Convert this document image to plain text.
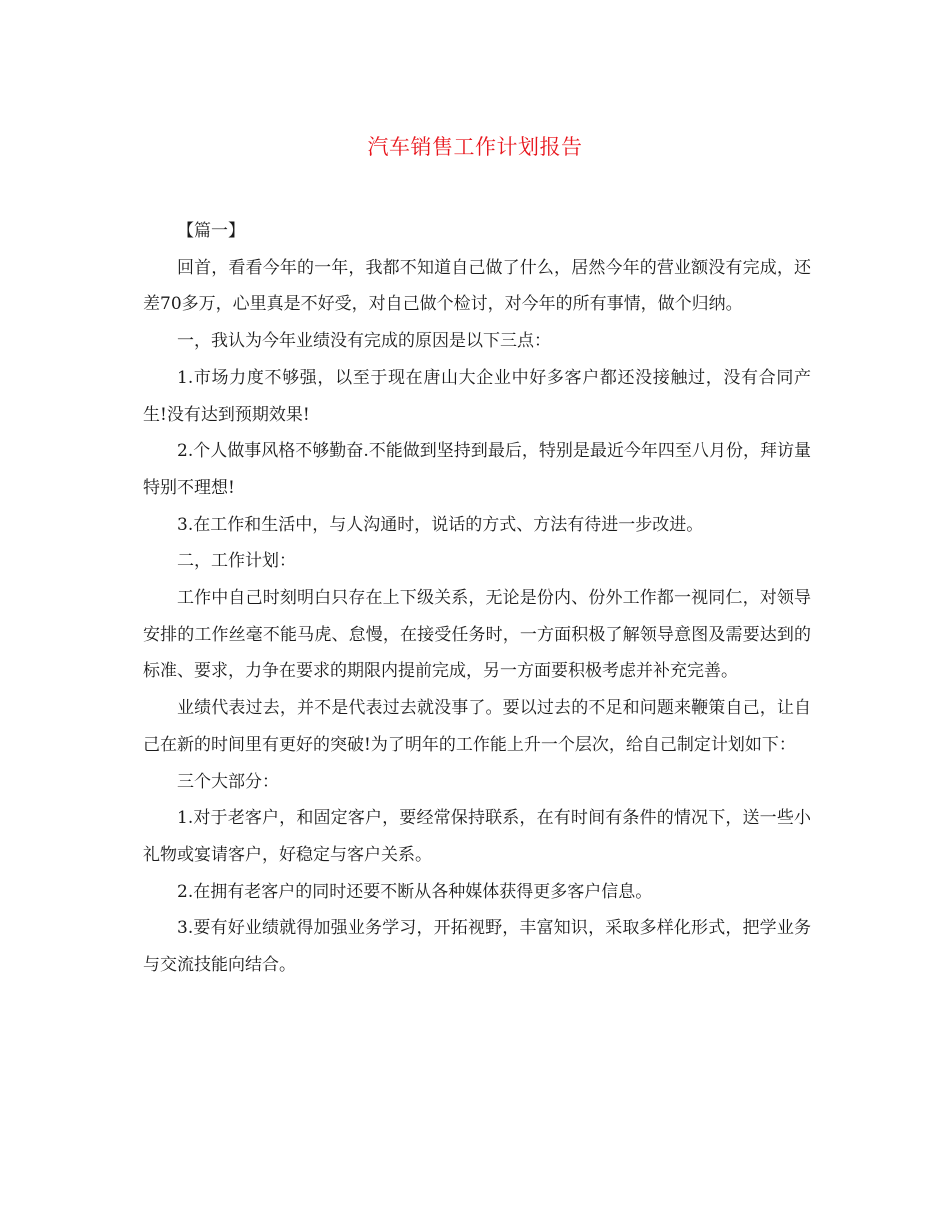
汽车销售工作计划报告

【篇一】

回首，看看今年的一年，我都不知道自己做了什么，居然今年的营业额没有完成，还差70多万，心里真是不好受，对自己做个检讨，对今年的所有事情，做个归纳。

一，我认为今年业绩没有完成的原因是以下三点：

1.市场力度不够强，以至于现在唐山大企业中好多客户都还没接触过，没有合同产生!没有达到预期效果!

2.个人做事风格不够勤奋.不能做到坚持到最后，特别是最近今年四至八月份，拜访量特别不理想!

3.在工作和生活中，与人沟通时，说话的方式、方法有待进一步改进。

二，工作计划：

工作中自己时刻明白只存在上下级关系，无论是份内、份外工作都一视同仁，对领导安排的工作丝毫不能马虎、怠慢，在接受任务时，一方面积极了解领导意图及需要达到的标准、要求，力争在要求的期限内提前完成，另一方面要积极考虑并补充完善。

业绩代表过去，并不是代表过去就没事了。要以过去的不足和问题来鞭策自己，让自己在新的时间里有更好的突破!为了明年的工作能上升一个层次，给自己制定计划如下：

三个大部分：

1.对于老客户，和固定客户，要经常保持联系，在有时间有条件的情况下，送一些小礼物或宴请客户，好稳定与客户关系。

2.在拥有老客户的同时还要不断从各种媒体获得更多客户信息。

3.要有好业绩就得加强业务学习，开拓视野，丰富知识，采取多样化形式，把学业务与交流技能向结合。
